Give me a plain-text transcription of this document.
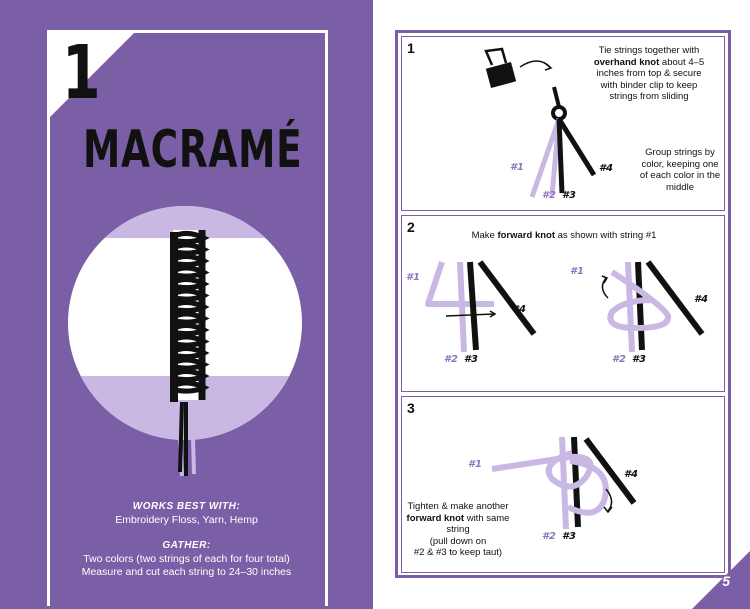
1
MACRAMÉ
WORKS BEST WITH:
Embroidery Floss, Yarn, Hemp
GATHER:
Two colors (two strings of each for four total)
Measure and cut each string to 24–30 inches
1	Tie strings together with
overhand knot about 4–5
inches from top & secure
with binder clip to keep
strings from sliding
Group strings by
color, keeping one
of each color in the
middle
#1	#4
#2 #3
2
Make forward knot as shown with string #1
#1
#4
#2 #3
#1
#4
#2 #3
3
Tighten & make another
forward knot with same string
(pull down on
#2 & #3 to keep taut)
#1
#4
#2 #3
5
